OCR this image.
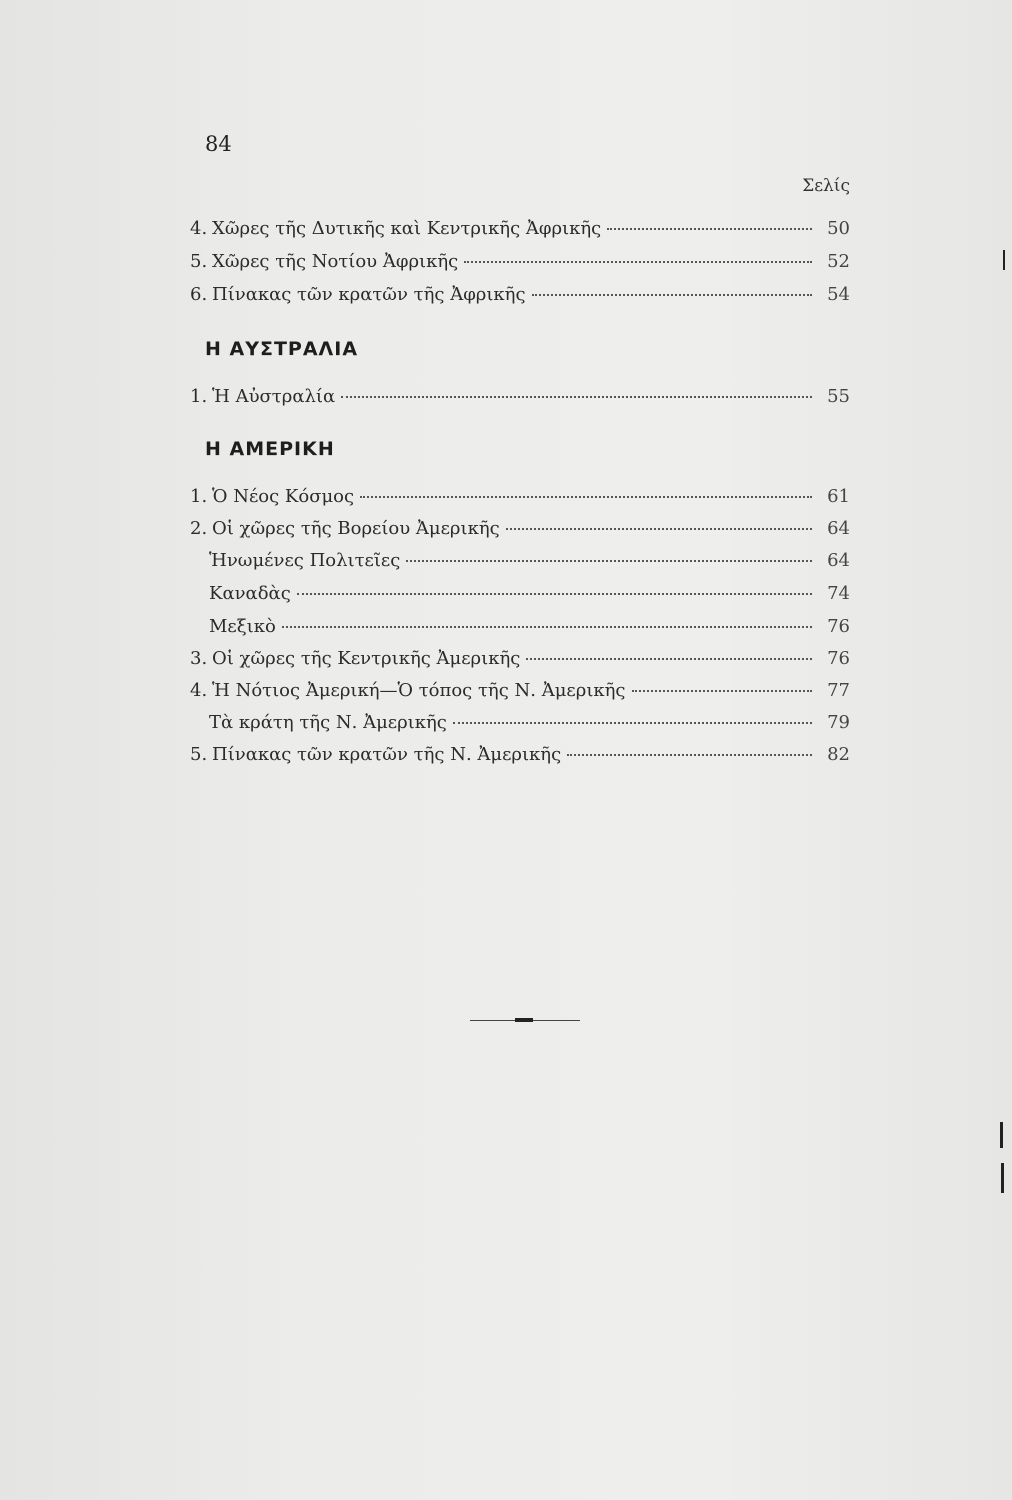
84
Σελίς
4. Χῶρες τῆς Δυτικῆς καὶ Κεντρικῆς Ἀφρικῆς	50
5. Χῶρες τῆς Νοτίου Ἀφρικῆς	52
6. Πίνακας τῶν κρατῶν τῆς Ἀφρικῆς	54
Η ΑΥΣΤΡΑΛΙΑ
1. Ἡ Αὐστραλία	55
Η ΑΜΕΡΙΚΗ
1. Ὁ Νέος Κόσμος	61
2. Οἱ χῶρες τῆς Βορείου Ἀμερικῆς	64
Ἡνωμένες Πολιτεῖες	64
Καναδὰς	74
Μεξικὸ	76
3. Οἱ χῶρες τῆς Κεντρικῆς Ἀμερικῆς	76
4. Ἡ Νότιος Ἀμερική—Ὁ τόπος τῆς Ν. Ἀμερικῆς	77
Τὰ κράτη τῆς Ν. Ἀμερικῆς	79
5. Πίνακας τῶν κρατῶν τῆς Ν. Ἀμερικῆς	82
